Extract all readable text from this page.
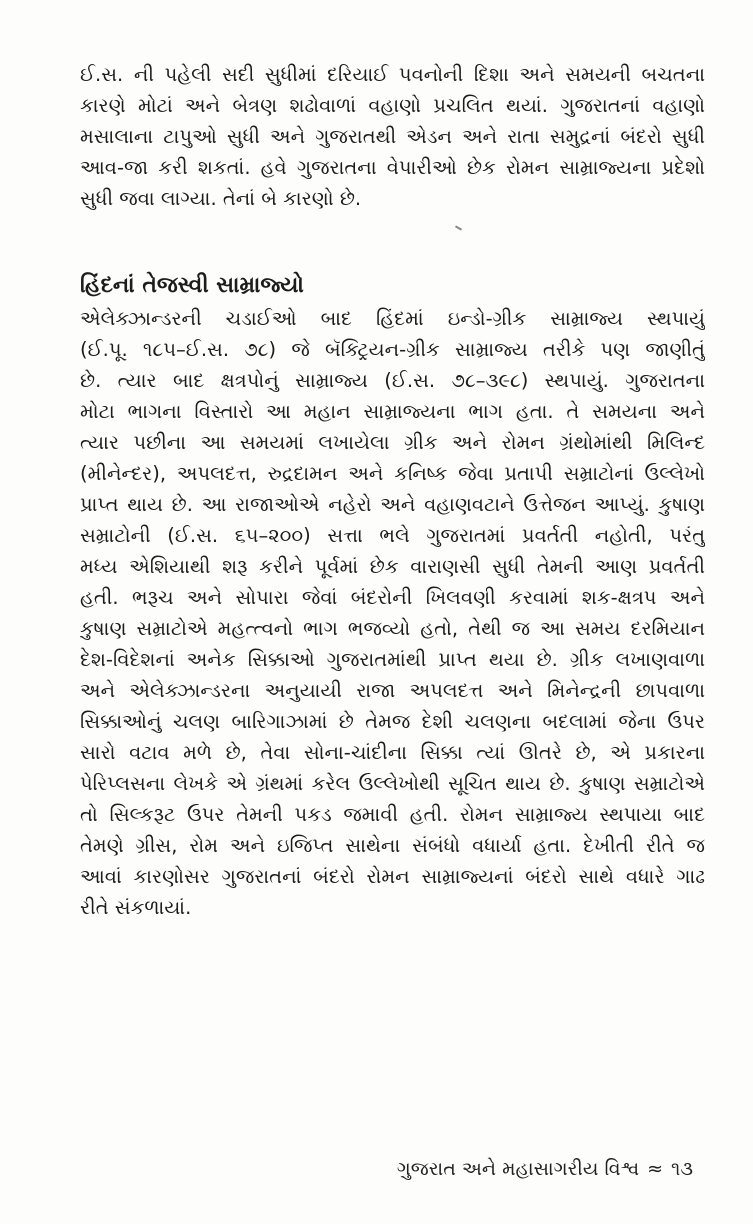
ઈ.સ. ની પહેલી સદી સુધીમાં દરિયાઈ પવનોની દિશા અને સમયની બચતના
કારણે મોટાં અને બેત્રણ શઢોવાળાં વહાણો પ્રચલિત થયાં. ગુજરાતનાં વહાણો
મસાલાના ટાપુઓ સુધી અને ગુજરાતથી એડન અને રાતા સમુદ્રનાં બંદરો સુધી
આવ-જા કરી શકતાં. હવે ગુજરાતના વેપારીઓ છેક રોમન સામ્રાજ્યના પ્રદેશો
સુધી જવા લાગ્યા. તેનાં બે કારણો છે.
હિંદનાં તેજસ્વી સામ્રાજ્યો
એલેક્ઝાન્ડરની ચડાઈઓ બાદ હિંદમાં ઇન્ડો-ગ્રીક સામ્રાજ્ય સ્થપાયું
(ઈ.પૂ. ૧૮૫–ઈ.સ. ૭૮) જે બૅક્ટ્રિયન-ગ્રીક સામ્રાજ્ય તરીકે પણ જાણીતું
છે. ત્યાર બાદ ક્ષત્રપોનું સામ્રાજ્ય (ઈ.સ. ૭૮–૩૯૮) સ્થપાયું. ગુજરાતના
મોટા ભાગના વિસ્તારો આ મહાન સામ્રાજ્યના ભાગ હતા. તે સમયના અને
ત્યાર પછીના આ સમયમાં લખાયેલા ગ્રીક અને રોમન ગ્રંથોમાંથી મિલિન્દ
(મીનેન્દર), અપલદત્ત, રુદ્રદામન અને કનિષ્ક જેવા પ્રતાપી સમ્રાટોનાં ઉલ્લેખો
પ્રાપ્ત થાય છે. આ રાજાઓએ નહેરો અને વહાણવટાને ઉત્તેજન આપ્યું. કુષાણ
સમ્રાટોની (ઈ.સ. ૬૫–૨૦૦) સત્તા ભલે ગુજરાતમાં પ્રવર્તતી નહોતી, પરંતુ
મધ્ય એશિયાથી શરૂ કરીને પૂર્વમાં છેક વારાણસી સુધી તેમની આણ પ્રવર્તતી
હતી. ભરૂચ અને સોપારા જેવાં બંદરોની ખિલવણી કરવામાં શક-ક્ષત્રપ અને
કુષાણ સમ્રાટોએ મહત્ત્વનો ભાગ ભજવ્યો હતો, તેથી જ આ સમય દરમિયાન
દેશ-વિદેશનાં અનેક સિક્કાઓ ગુજરાતમાંથી પ્રાપ્ત થયા છે. ગ્રીક લખાણવાળા
અને એલેક્ઝાન્ડરના અનુયાયી રાજા અપલદત્ત અને મિનેન્દ્રની છાપવાળા
સિક્કાઓનું ચલણ બારિગાઝામાં છે તેમજ દેશી ચલણના બદલામાં જેના ઉપર
સારો વટાવ મળે છે, તેવા સોના-ચાંદીના સિક્કા ત્યાં ઊતરે છે, એ પ્રકારના
પેરિપ્લસના લેખકે એ ગ્રંથમાં કરેલ ઉલ્લેખોથી સૂચિત થાય છે. કુષાણ સમ્રાટોએ
તો સિલ્કરૂટ ઉપર તેમની પકડ જમાવી હતી. રોમન સામ્રાજ્ય સ્થપાયા બાદ
તેમણે ગ્રીસ, રોમ અને ઇજિપ્ત સાથેના સંબંધો વધાર્યા હતા. દેખીતી રીતે જ
આવાં કારણોસર ગુજરાતનાં બંદરો રોમન સામ્રાજ્યનાં બંદરો સાથે વધારે ગાઢ
રીતે સંકળાયાં.
ગુજરાત અને મહાસાગરીય વિશ્વ ≈ ૧૩
